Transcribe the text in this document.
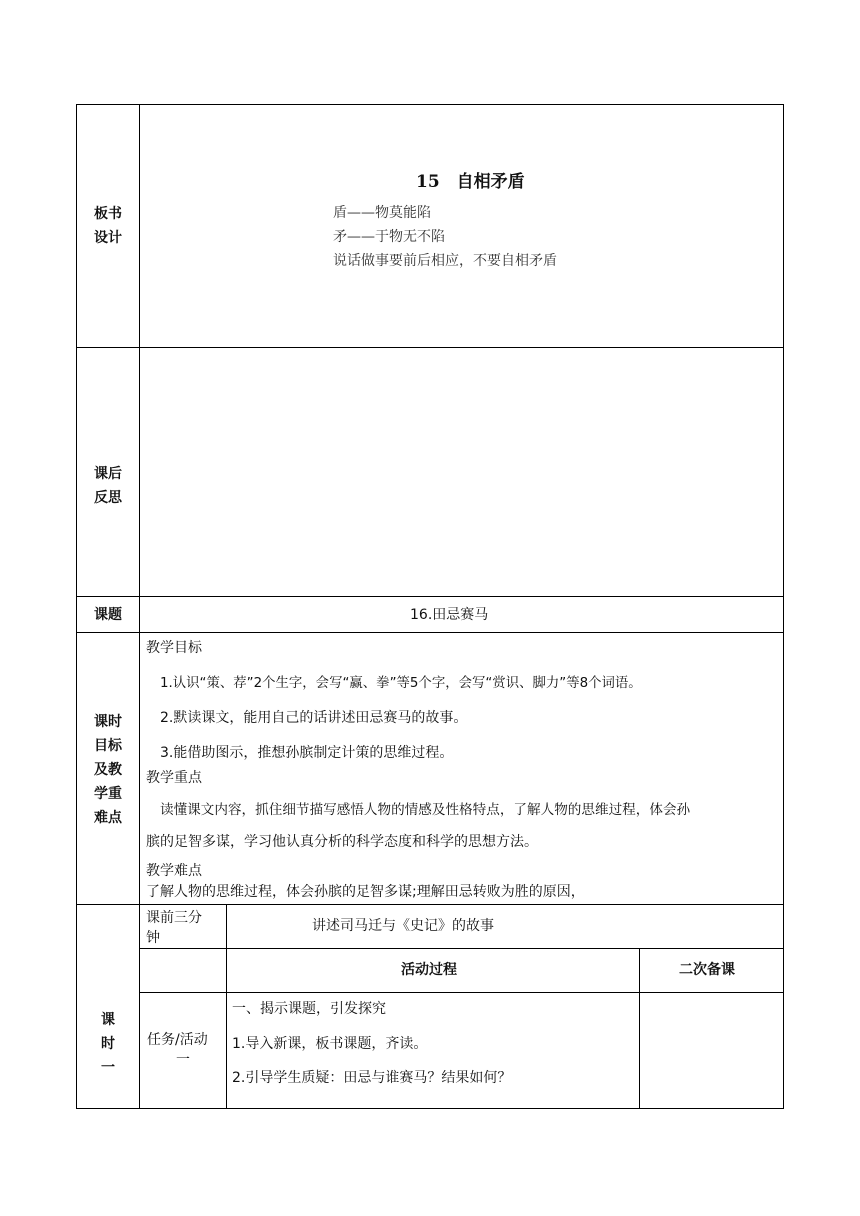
板书
设计
15　自相矛盾
盾——物莫能陷
矛——于物无不陷
说话做事要前后相应，不要自相矛盾
课后
反思
课题	16.田忌赛马
课时
目标
及教
学重
难点
教学目标
1.认识“策、荐”2个生字，会写“赢、拳”等5个字，会写“赏识、脚力”等8个词语。
2.默读课文，能用自己的话讲述田忌赛马的故事。
3.能借助图示，推想孙膑制定计策的思维过程。
教学重点
读懂课文内容，抓住细节描写感悟人物的情感及性格特点，了解人物的思维过程，体会孙
膑的足智多谋，学习他认真分析的科学态度和科学的思想方法。
教学难点
了解人物的思维过程，体会孙膑的足智多谋;理解田忌转败为胜的原因，
课
时
一
课前三分
钟
讲述司马迁与《史记》的故事
活动过程	二次备课
任务/活动
一
一、揭示课题，引发探究
1.导入新课，板书课题，齐读。
2.引导学生质疑：田忌与谁赛马？结果如何？
